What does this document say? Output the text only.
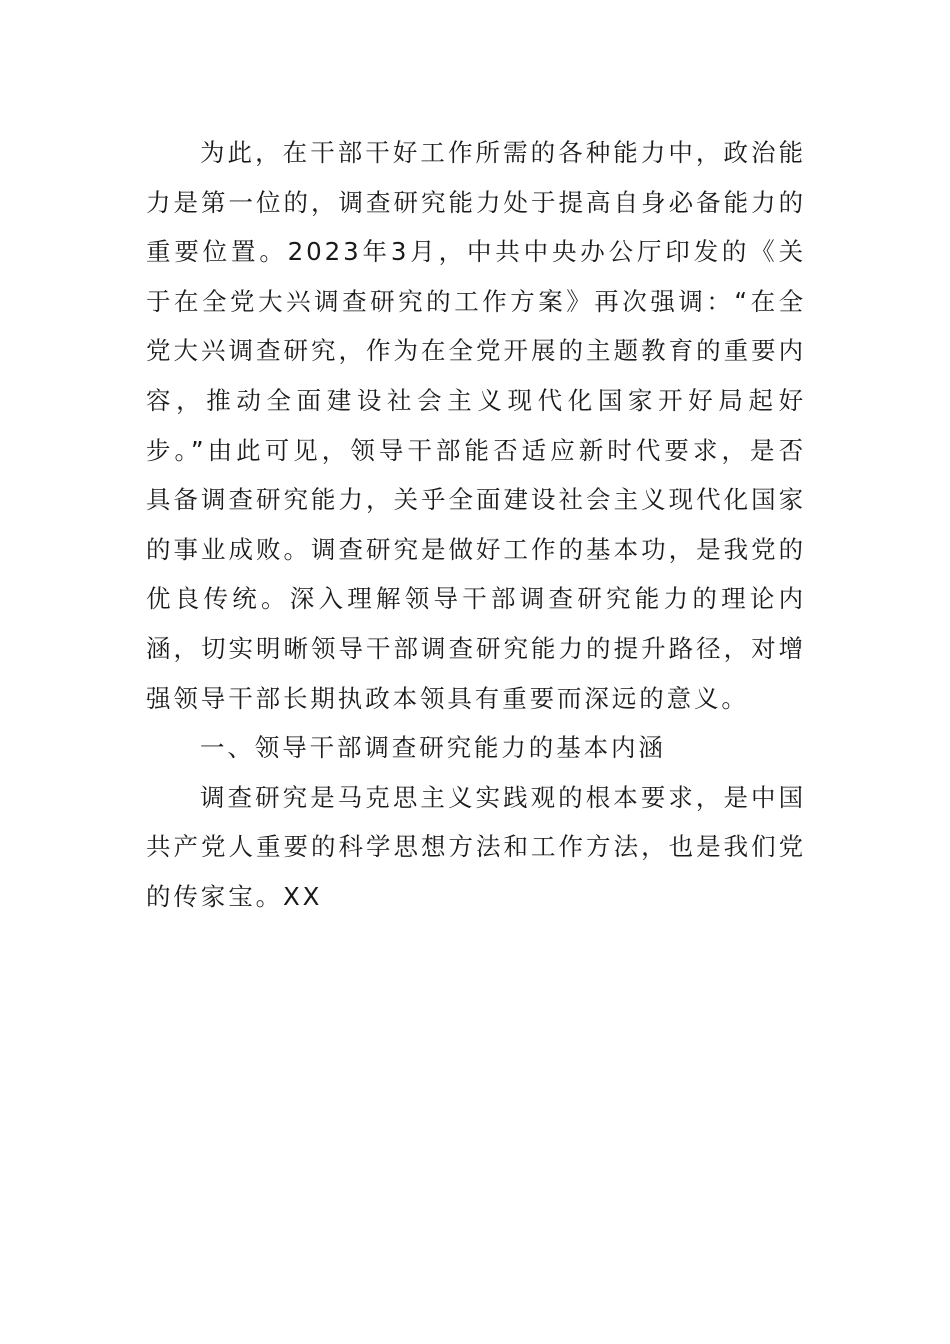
为此，在干部干好工作所需的各种能力中，政治能力是第一位的，调查研究能力处于提高自身必备能力的重要位置。2023年3月，中共中央办公厅印发的《关于在全党大兴调查研究的工作方案》再次强调：“在全党大兴调查研究，作为在全党开展的主题教育的重要内容，推动全面建设社会主义现代化国家开好局起好步。”由此可见，领导干部能否适应新时代要求，是否具备调查研究能力，关乎全面建设社会主义现代化国家的事业成败。调查研究是做好工作的基本功，是我党的优良传统。深入理解领导干部调查研究能力的理论内涵，切实明晰领导干部调查研究能力的提升路径，对增强领导干部长期执政本领具有重要而深远的意义。

一、领导干部调查研究能力的基本内涵

调查研究是马克思主义实践观的根本要求，是中国共产党人重要的科学思想方法和工作方法，也是我们党的传家宝。XX
